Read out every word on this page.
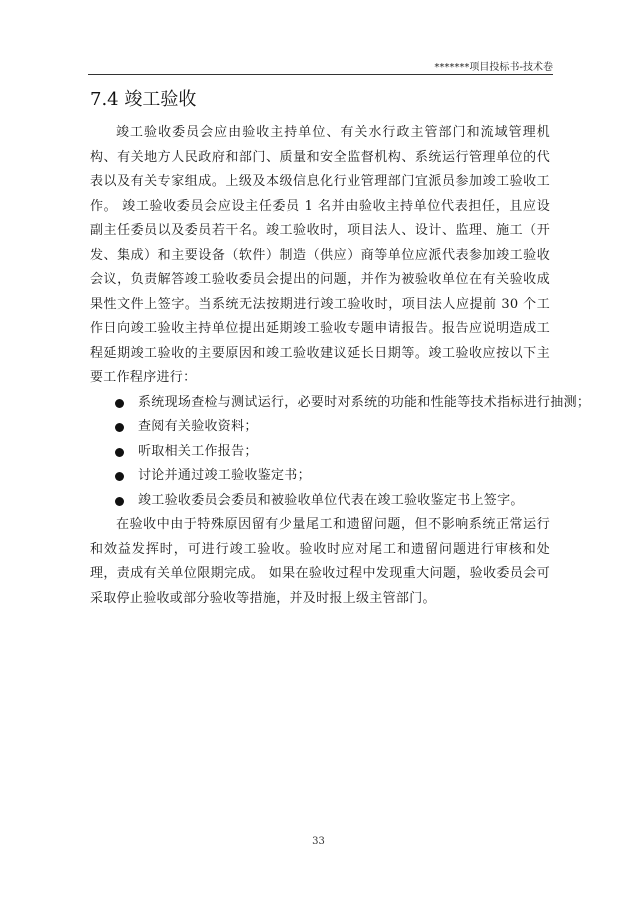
*******项目投标书-技术卷
7.4 竣工验收

竣工验收委员会应由验收主持单位、有关水行政主管部门和流域管理机构、有关地方人民政府和部门、质量和安全监督机构、系统运行管理单位的代表以及有关专家组成。上级及本级信息化行业管理部门宜派员参加竣工验收工作。 竣工验收委员会应设主任委员 1 名并由验收主持单位代表担任，且应设副主任委员以及委员若干名。竣工验收时，项目法人、设计、监理、施工（开发、集成）和主要设备（软件）制造（供应）商等单位应派代表参加竣工验收会议，负责解答竣工验收委员会提出的问题，并作为被验收单位在有关验收成果性文件上签字。当系统无法按期进行竣工验收时，项目法人应提前 30 个工作日向竣工验收主持单位提出延期竣工验收专题申请报告。报告应说明造成工程延期竣工验收的主要原因和竣工验收建议延长日期等。竣工验收应按以下主要工作程序进行：

系统现场查检与测试运行，必要时对系统的功能和性能等技术指标进行抽测；
查阅有关验收资料；
听取相关工作报告；
讨论并通过竣工验收鉴定书；
竣工验收委员会委员和被验收单位代表在竣工验收鉴定书上签字。

在验收中由于特殊原因留有少量尾工和遗留问题，但不影响系统正常运行和效益发挥时，可进行竣工验收。验收时应对尾工和遗留问题进行审核和处理，责成有关单位限期完成。 如果在验收过程中发现重大问题，验收委员会可采取停止验收或部分验收等措施，并及时报上级主管部门。

33
